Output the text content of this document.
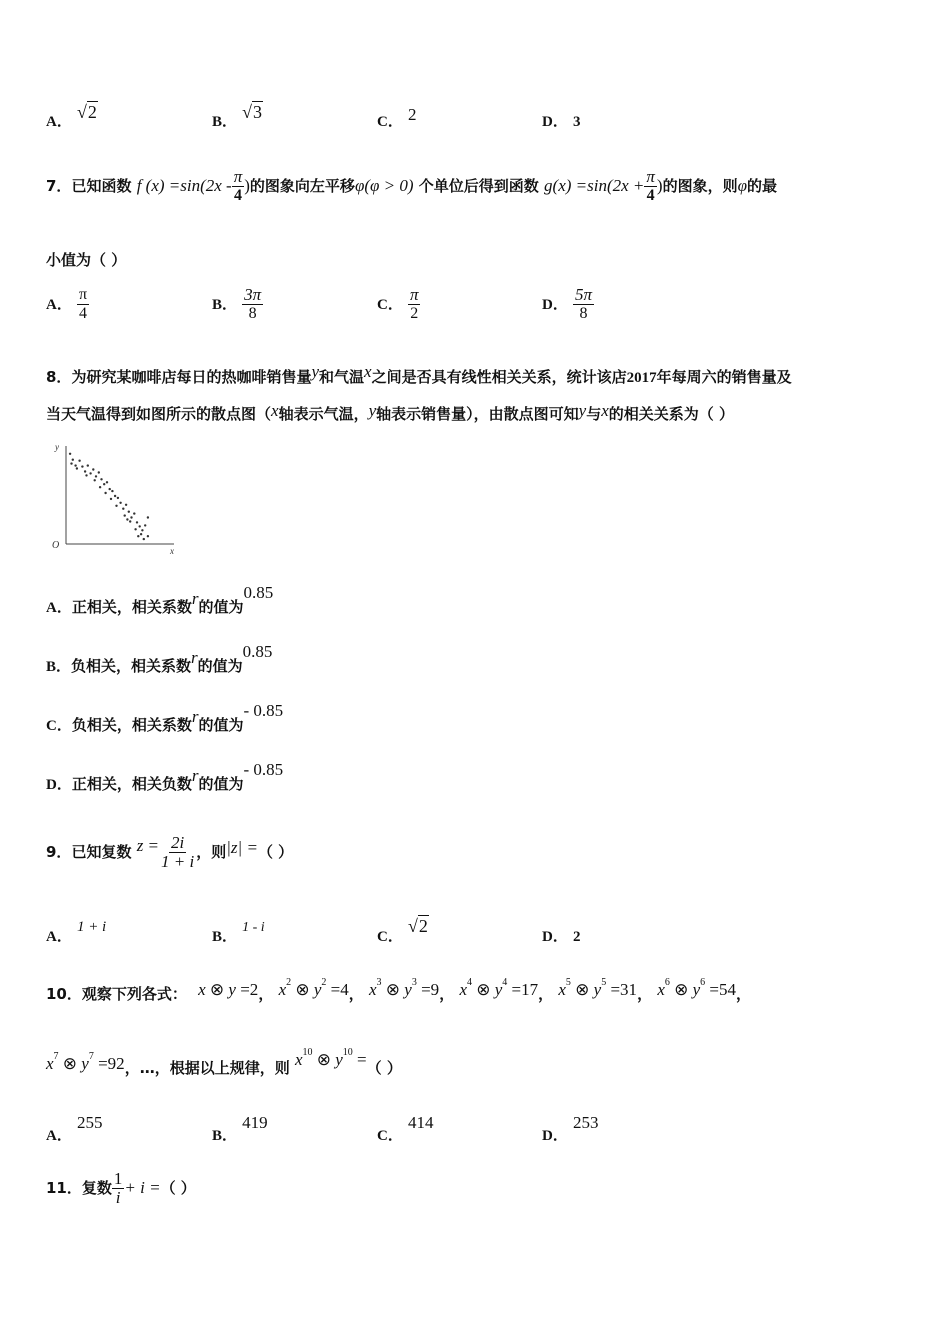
A． √2	B． √3	C． 2	D． 3
7．已知函数 f $(x) =\sin(2x - \frac{\pi}{4}$ )的图象向左平移φ(φ > 0) 个单位后得到函数 $g(x) =\sin(2x + \frac{\pi}{4}$ )的图象，则φ的最
小值为（ ）
A． $\frac{\pi}{4}$	B． $\frac{3\pi}{8}$	C． $\frac{\pi}{2}$	D． $\frac{5\pi}{8}$
8．为研究某咖啡店每日的热咖啡销售量y和气温x之间是否具有线性相关关系，统计该店2017年每周六的销售量及
当天气温得到如图所示的散点图（x轴表示气温，y轴表示销售量），由散点图可知y与x的相关关系为（ ）
y
x
O
A．正相关，相关系数r的值为0.85
B．负相关，相关系数r的值为0.85
C．负相关，相关系数r的值为- 0.85
D．正相关，相关负数r的值为- 0.85
9．已知复数 $z = \frac{2i}{1 + i}$ ，则|z| =（ ）
A． 1 + i
B． 1 - i
C． √2
D． 2
10．观察下列各式： x ⊗ y =2， $x^2$ ⊗ $y^2 =4$， $x^3$ ⊗ $y^3 =9$， $x^4$ ⊗ $y^4 =17$， $x^5$ ⊗ $y^5 =31$， $x^6$ ⊗ $y^6 =54$，
$x^7$ ⊗ $y^7 =92$，…，根据以上规律，则 $x^{10}$ ⊗ $y^{10}$ =（ ）
A． 255
B． 419
C． 414
D． 253
11．复数 $\frac{1}{i} + i$ =（ ）
